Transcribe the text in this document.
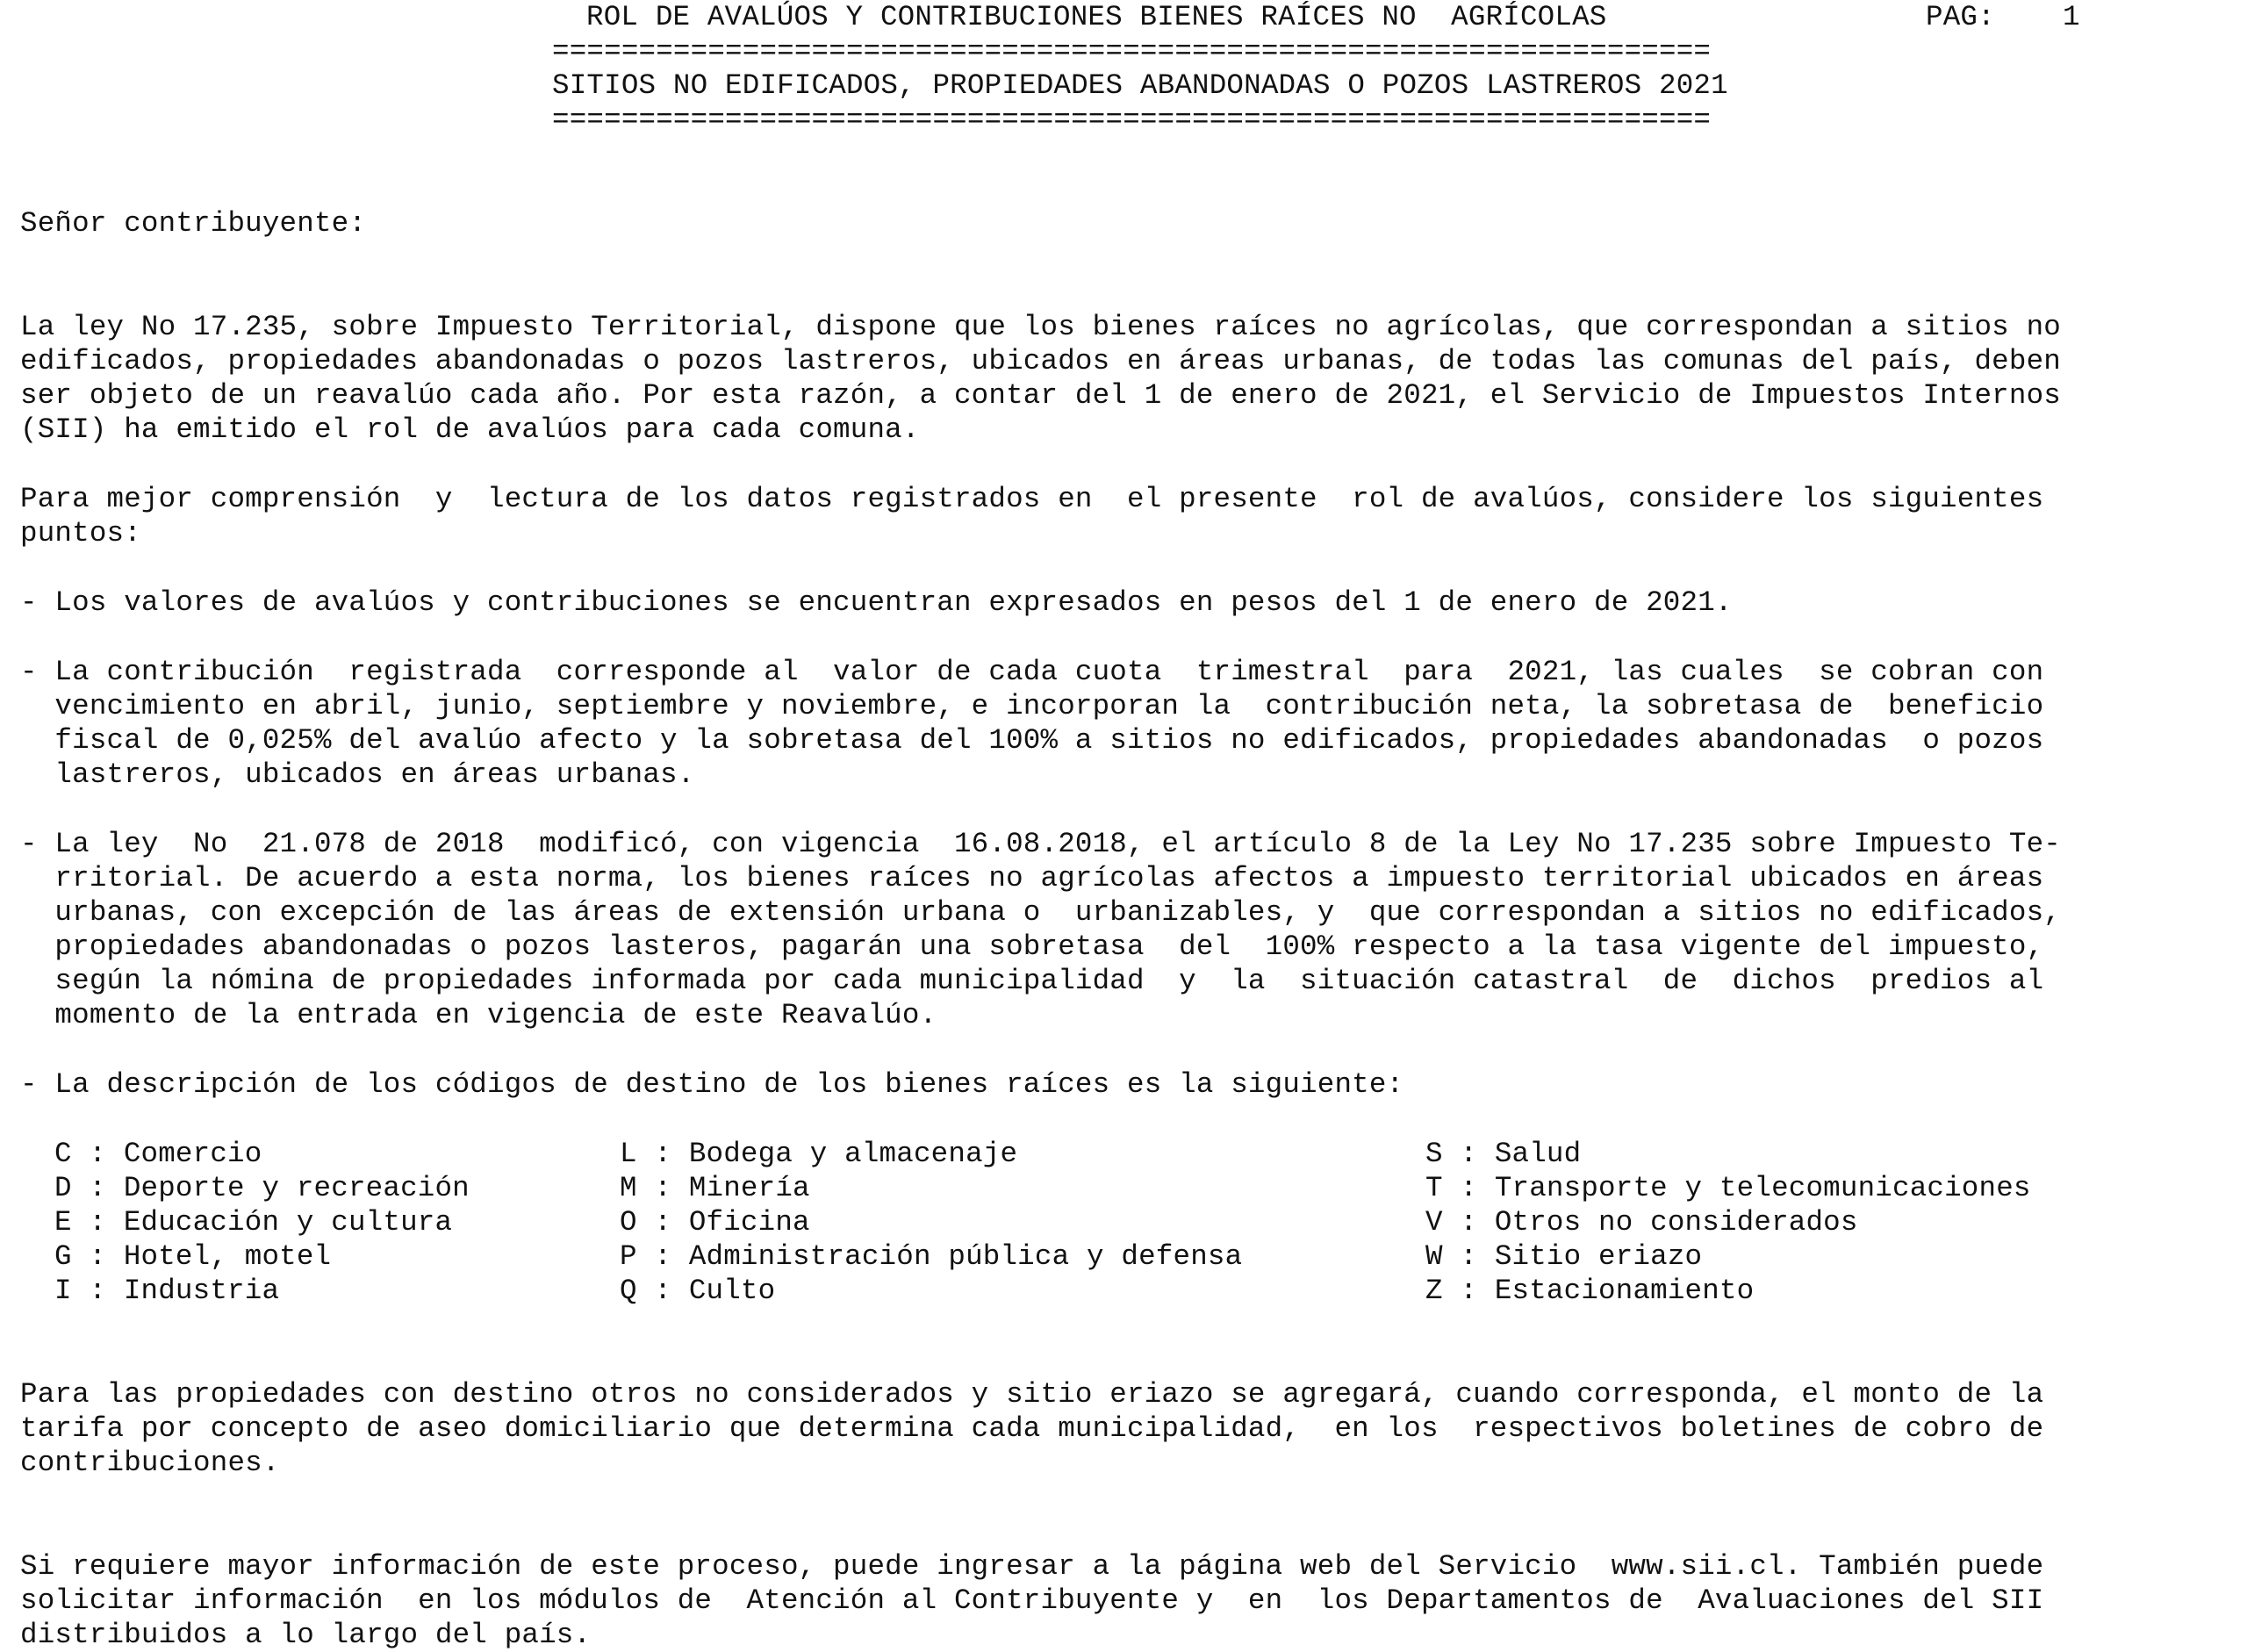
ROL DE AVALÚOS Y CONTRIBUCIONES BIENES RAÍCES NO  AGRÍCOLAS	PAG: 1

===================================================================

SITIOS NO EDIFICADOS, PROPIEDADES ABANDONADAS O POZOS LASTREROS 2021

===================================================================

Señor contribuyente:

La ley No 17.235, sobre Impuesto Territorial, dispone que los bienes raíces no agrícolas, que correspondan a sitios no

edificados, propiedades abandonadas o pozos lastreros, ubicados en áreas urbanas, de todas las comunas del país, deben

ser objeto de un reavalúo cada año. Por esta razón, a contar del 1 de enero de 2021, el Servicio de Impuestos Internos

(SII) ha emitido el rol de avalúos para cada comuna.

Para mejor comprensión  y  lectura de los datos registrados en  el presente  rol de avalúos, considere los siguientes

puntos:

- Los valores de avalúos y contribuciones se encuentran expresados en pesos del 1 de enero de 2021.

- La contribución  registrada  corresponde al  valor de cada cuota  trimestral  para  2021, las cuales  se cobran con

vencimiento en abril, junio, septiembre y noviembre, e incorporan la  contribución neta, la sobretasa de  beneficio

fiscal de 0,025% del avalúo afecto y la sobretasa del 100% a sitios no edificados, propiedades abandonadas  o pozos

lastreros, ubicados en áreas urbanas.

- La ley  No  21.078 de 2018  modificó, con vigencia  16.08.2018, el artículo 8 de la Ley No 17.235 sobre Impuesto Te-

rritorial. De acuerdo a esta norma, los bienes raíces no agrícolas afectos a impuesto territorial ubicados en áreas

urbanas, con excepción de las áreas de extensión urbana o  urbanizables, y  que correspondan a sitios no edificados,

propiedades abandonadas o pozos lasteros, pagarán una sobretasa  del  100% respecto a la tasa vigente del impuesto,

según la nómina de propiedades informada por cada municipalidad  y  la  situación catastral  de  dichos  predios al

momento de la entrada en vigencia de este Reavalúo.

- La descripción de los códigos de destino de los bienes raíces es la siguiente:

C : Comercio

D : Deporte y recreación

E : Educación y cultura

G : Hotel, motel

I : Industria

L : Bodega y almacenaje

M : Minería

O : Oficina

P : Administración pública y defensa

Q : Culto

S : Salud

T : Transporte y telecomunicaciones

V : Otros no considerados

W : Sitio eriazo

Z : Estacionamiento

Para las propiedades con destino otros no considerados y sitio eriazo se agregará, cuando corresponda, el monto de la

tarifa por concepto de aseo domiciliario que determina cada municipalidad,  en los  respectivos boletines de cobro de

contribuciones.

Si requiere mayor información de este proceso, puede ingresar a la página web del Servicio  www.sii.cl. También puede

solicitar información  en los módulos de  Atención al Contribuyente y  en  los Departamentos de  Avaluaciones del SII

distribuidos a lo largo del país.
